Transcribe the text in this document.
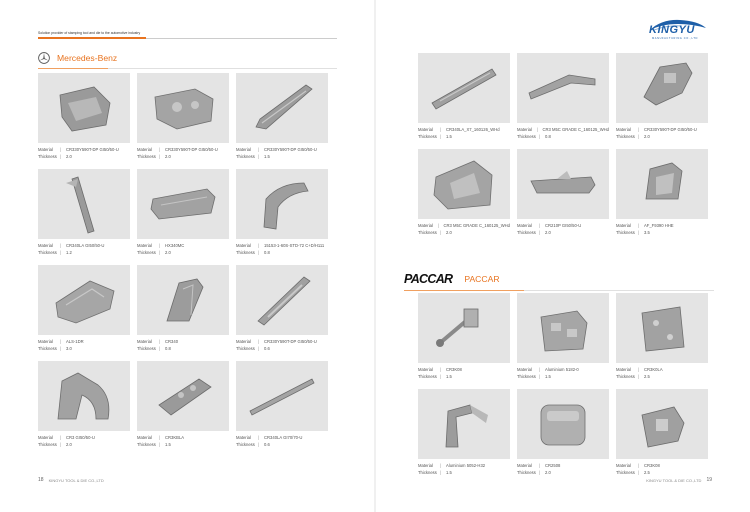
Solution provider of stamping tool and die to the automotive industry
Mercedes-Benz
Material	|	CR330Y590T-DP GI50/50-U
Thickness |	2.0
Material	|	CR330Y590T-DP GI50/50-U
Thickness |	2.0
Material	|	CR330Y590T-DP GI50/50-U
Thickness |	1.5
Material	|	CR340LA GI50/50-U
Thickness |	1.2
Material	|	HX340MC
Thickness |	2.0
Material	|	15153-1-60S-STD-72 C+D/H111
Thickness |	0.8
Material	|	ALS-1DR
Thickness |	3.0
Material	|	CR340
Thickness |	0.8
Material	|	CR330Y590T-DP GI50/50-U
Thickness |	0.6
Material	|	CR3 GI50/50-U
Thickness |	2.0
Material	|	CR3KBLA
Thickness |	1.5
Material	|	CR340LA GI70/70-U
Thickness |	0.6
KINGYU
MANUFACTURING CO.,LTD
Material	|	CR340LA_X7_160126_WHd
Thickness |	1.5
Material	|	CR3 M5C GRADE C_160125_WHd
Thickness |	0.8
Material	|	CR330Y590T-DP GI50/50-U
Thickness |	2.0
Material	|	CR3 M5C GRADE C_160125_WHd
Thickness |	2.0
Material	|	CR210P GI50/50-U
Thickness |	2.0
Material	|	AF_F9390 HHE
Thickness |	3.5
PACCAR PACCAR
Material	|	CR3K08
Thickness |	1.5
Material	|	Aluminium 5182-0
Thickness |	1.5
Material	|	CR3K0LA
Thickness |	2.5
Material	|	Aluminium 5052-H32
Thickness |	1.5
Material	|	CR2508
Thickness |	2.0
Material	|	CR3K08
Thickness |	2.5
18 KINGYU TOOL & DIE CO.,LTD	KINGYU TOOL & DIE CO.,LTD 19
